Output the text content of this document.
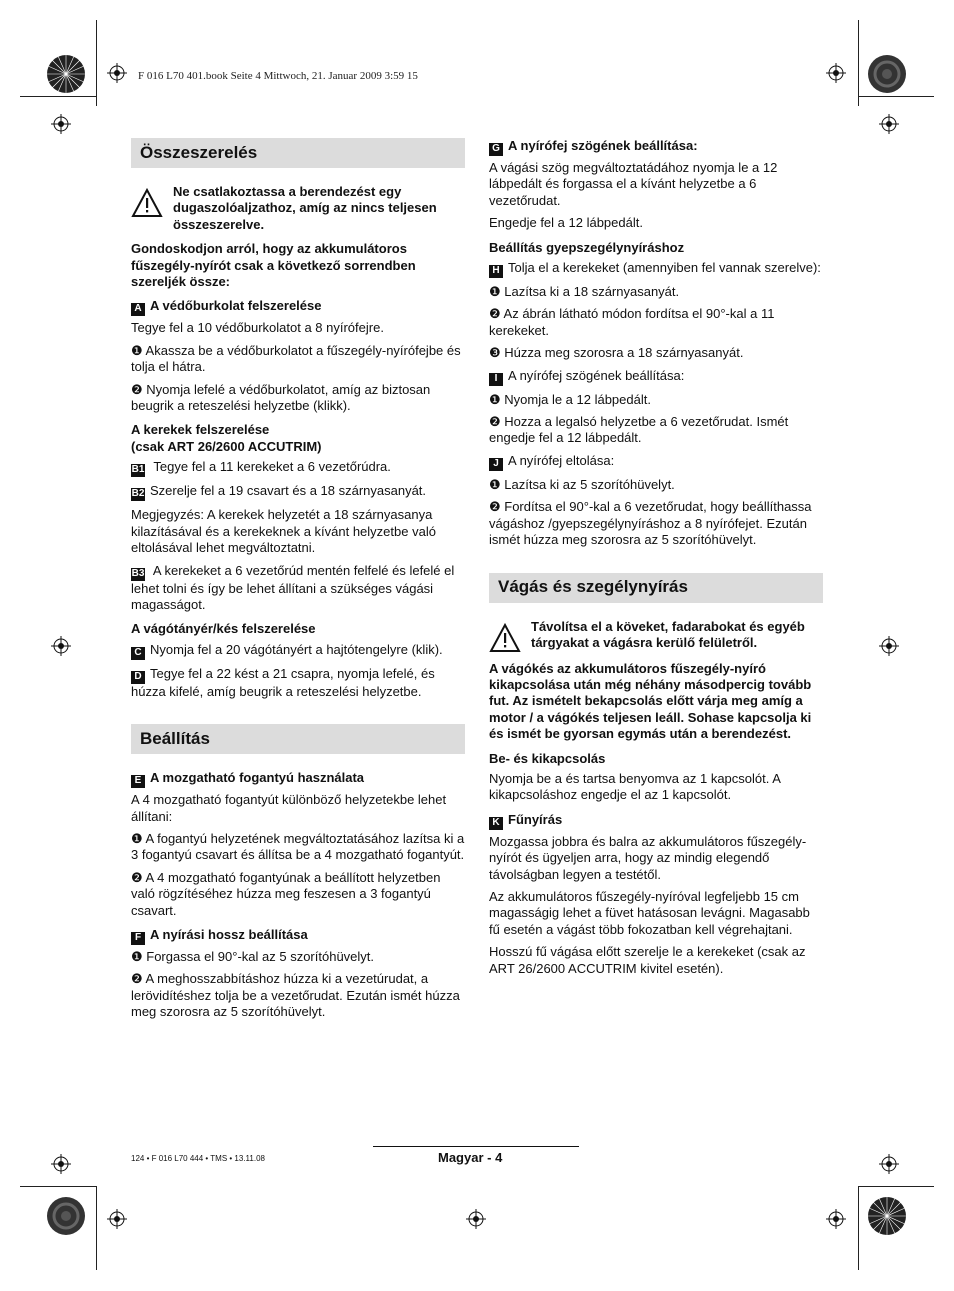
F 016 L70 401.book Seite 4 Mittwoch, 21. Januar 2009 3:59 15
Összeszerelés
Ne csatlakoztassa a berendezést egy dugaszolóaljzathoz, amíg az nincs teljesen összeszerelve.
Gondoskodjon arról, hogy az akkumulátoros fűszegély-nyírót csak a következő sorrendben szereljék össze:
A A védőburkolat felszerelése
Tegye fel a 10 védőburkolatot a 8 nyírófejre.
❶ Akassza be a védőburkolatot a fűszegély-nyírófejbe és tolja el hátra.
❷ Nyomja lefelé a védőburkolatot, amíg az biztosan beugrik a reteszelési helyzetbe (klikk).
A kerekek felszerelése
(csak ART 26/2600 ACCUTRIM)
B1 Tegye fel a 11 kerekeket a 6 vezetőrúdra.
B2 Szerelje fel a 19 csavart és a 18 szárnyasanyát.
Megjegyzés: A kerekek helyzetét a 18 szárnyasanya kilazításával és a kerekeknek a kívánt helyzetbe való eltolásával lehet megváltoztatni.
B3 A kerekeket a 6 vezetőrúd mentén felfelé és lefelé el lehet tolni és így be lehet állítani a szükséges vágási magasságot.
A vágótányér/kés felszerelése
C Nyomja fel a 20 vágótányért a hajtótengelyre (klik).
D Tegye fel a 22 kést a 21 csapra, nyomja lefelé, és húzza kifelé, amíg beugrik a reteszelési helyzetbe.
Beállítás
E A mozgatható fogantyú használata
A 4 mozgatható fogantyút különböző helyzetekbe lehet állítani:
❶ A fogantyú helyzetének megváltoztatásához lazítsa ki a 3 fogantyú csavart és állítsa be a 4 mozgatható fogantyút.
❷ A 4 mozgatható fogantyúnak a beállított helyzetben való rögzítéséhez húzza meg feszesen a 3 fogantyú csavart.
F A nyírási hossz beállítása
❶ Forgassa el 90°-kal az 5 szorítóhüvelyt.
❷ A meghosszabbításhoz húzza ki a vezetúrudat, a lerövidítéshez tolja be a vezetőrudat. Ezután ismét húzza meg szorosra az 5 szorítóhüvelyt.
G A nyírófej szögének beállítása:
A vágási szög megváltoztatádához nyomja le a 12 lábpedált és forgassa el a kívánt helyzetbe a 6 vezetőrudat.
Engedje fel a 12 lábpedált.
Beállítás gyepszegélynyíráshoz
H Tolja el a kerekeket (amennyiben fel vannak szerelve):
❶ Lazítsa ki a 18 szárnyasanyát.
❷ Az ábrán látható módon fordítsa el 90°-kal a 11 kerekeket.
❸ Húzza meg szorosra a 18 szárnyasanyát.
I A nyírófej szögének beállítása:
❶ Nyomja le a 12 lábpedált.
❷ Hozza a legalsó helyzetbe a 6 vezetőrudat. Ismét engedje fel a 12 lábpedált.
J A nyírófej eltolása:
❶ Lazítsa ki az 5 szorítóhüvelyt.
❷ Fordítsa el 90°-kal a 6 vezetőrudat, hogy beállíthassa vágáshoz /gyepszegélynyíráshoz a 8 nyírófejet. Ezután ismét húzza meg szorosra az 5 szorítóhüvelyt.
Vágás és szegélynyírás
Távolítsa el a köveket, fadarabokat és egyéb tárgyakat a vágásra kerülő felületről.
A vágókés az akkumulátoros fűszegély-nyíró kikapcsolása után még néhány másodpercig tovább fut. Az ismételt bekapcsolás előtt várja meg amíg a motor / a vágókés teljesen leáll. Sohase kapcsolja ki és ismét be gyorsan egymás után a berendezést.
Be- és kikapcsolás
Nyomja be a és tartsa benyomva az 1 kapcsolót. A kikapcsoláshoz engedje el az 1 kapcsolót.
K Fűnyírás
Mozgassa jobbra és balra az akkumulátoros fűszegély-nyírót és ügyeljen arra, hogy az mindig elegendő távolságban legyen a testétől.
Az akkumulátoros fűszegély-nyíróval legfeljebb 15 cm magasságig lehet a füvet hatásosan levágni. Magasabb fű esetén a vágást több fokozatban kell végrehajtani.
Hosszú fű vágása előtt szerelje le a kerekeket (csak az ART 26/2600 ACCUTRIM kivitel esetén).
124 • F 016 L70 444 • TMS • 13.11.08	Magyar - 4
